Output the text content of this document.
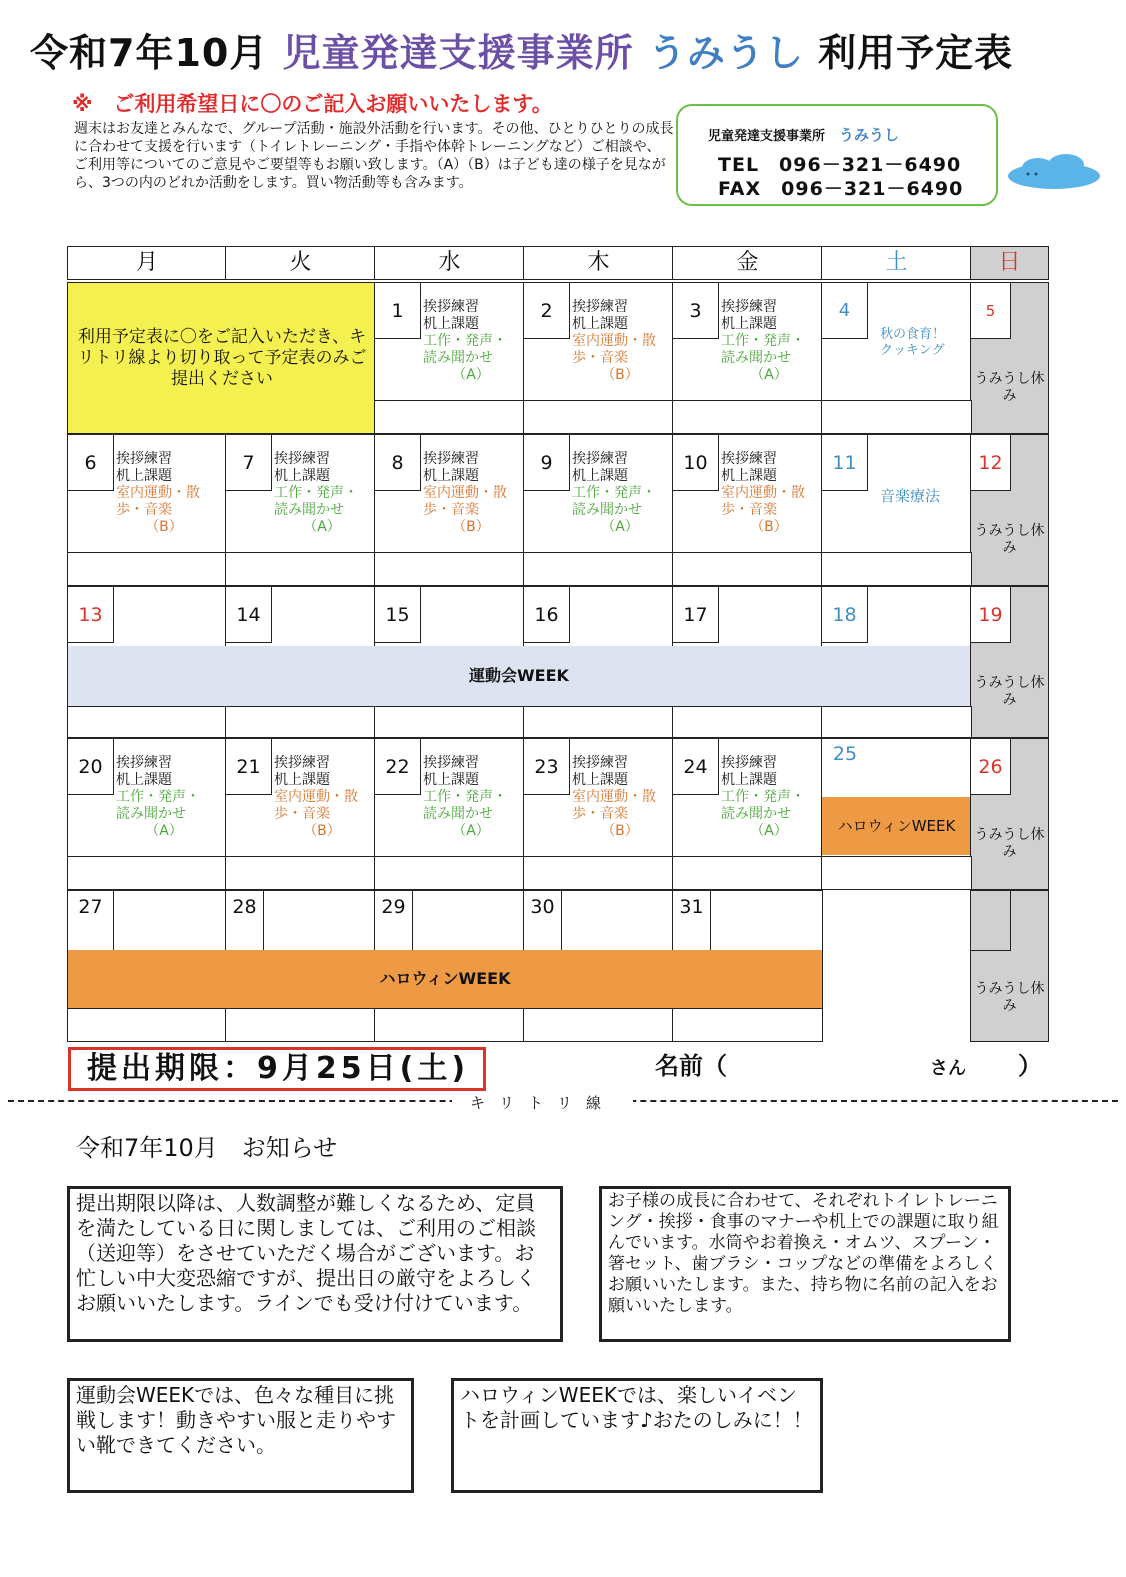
令和7年10月 児童発達支援事業所 うみうし 利用予定表
※　ご利用希望日に〇のご記入お願いいたします。
週末はお友達とみんなで、グループ活動・施設外活動を行います。その他、ひとりひとりの成長に合わせて支援を行います（トイレトレーニング・手指や体幹トレーニングなど）ご相談や、ご利用等についてのご意見やご要望等もお願い致します。（A）（B）は子ども達の様子を見ながら、3つの内のどれか活動をします。買い物活動等も含みます。
児童発達支援事業所 うみうし
TEL　096－321－6490
FAX　096－321－6490
月	火	水	木	金	土	日
利用予定表に〇をご記入いただき、キリトリ線より切り取って予定表のみご提出ください
1	挨拶練習
机上課題
工作・発声・
読み聞かせ
（A）
2	挨拶練習
机上課題
室内運動・散
歩・音楽
（B）
3	挨拶練習
机上課題
工作・発声・
読み聞かせ
（A）
4
秋の食育！クッキング
5
うみうし休み
6	挨拶練習
机上課題
室内運動・散
歩・音楽
（B）
7	挨拶練習
机上課題
工作・発声・
読み聞かせ
（A）
8	挨拶練習
机上課題
室内運動・散
歩・音楽
（B）
9	挨拶練習
机上課題
工作・発声・
読み聞かせ
（A）
10 挨拶練習
机上課題
室内運動・散
歩・音楽
（B）
11
音楽療法
12
うみうし休み
13	14	15	16	17	18	19
うみうし休み
運動会WEEK
20 挨拶練習
机上課題
工作・発声・
読み聞かせ
（A）
21 挨拶練習
机上課題
室内運動・散
歩・音楽
（B）
22 挨拶練習
机上課題
工作・発声・
読み聞かせ
（A）
23 挨拶練習
机上課題
室内運動・散
歩・音楽
（B）
24 挨拶練習
机上課題
工作・発声・
読み聞かせ
（A）
25
ハロウィンWEEK
26
うみうし休み
27	28	29	30	31
うみうし休み
ハロウィンWEEK
提出期限：9月25日(土)	名前（	さん ）
キリトリ線
令和7年10月　お知らせ
提出期限以降は、人数調整が難しくなるため、定員を満たしている日に関しましては、ご利用のご相談（送迎等）をさせていただく場合がございます。お忙しい中大変恐縮ですが、提出日の厳守をよろしくお願いいたします。ラインでも受け付けています。
お子様の成長に合わせて、それぞれトイレトレーニング・挨拶・食事のマナーや机上での課題に取り組んでいます。水筒やお着換え・オムツ、スプーン・箸セット、歯ブラシ・コップなどの準備をよろしくお願いいたします。また、持ち物に名前の記入をお願いいたします。
運動会WEEKでは、色々な種目に挑戦します！動きやすい服と走りやすい靴できてください。
ハロウィンWEEKでは、楽しいイベントを計画しています♪おたのしみに！！
